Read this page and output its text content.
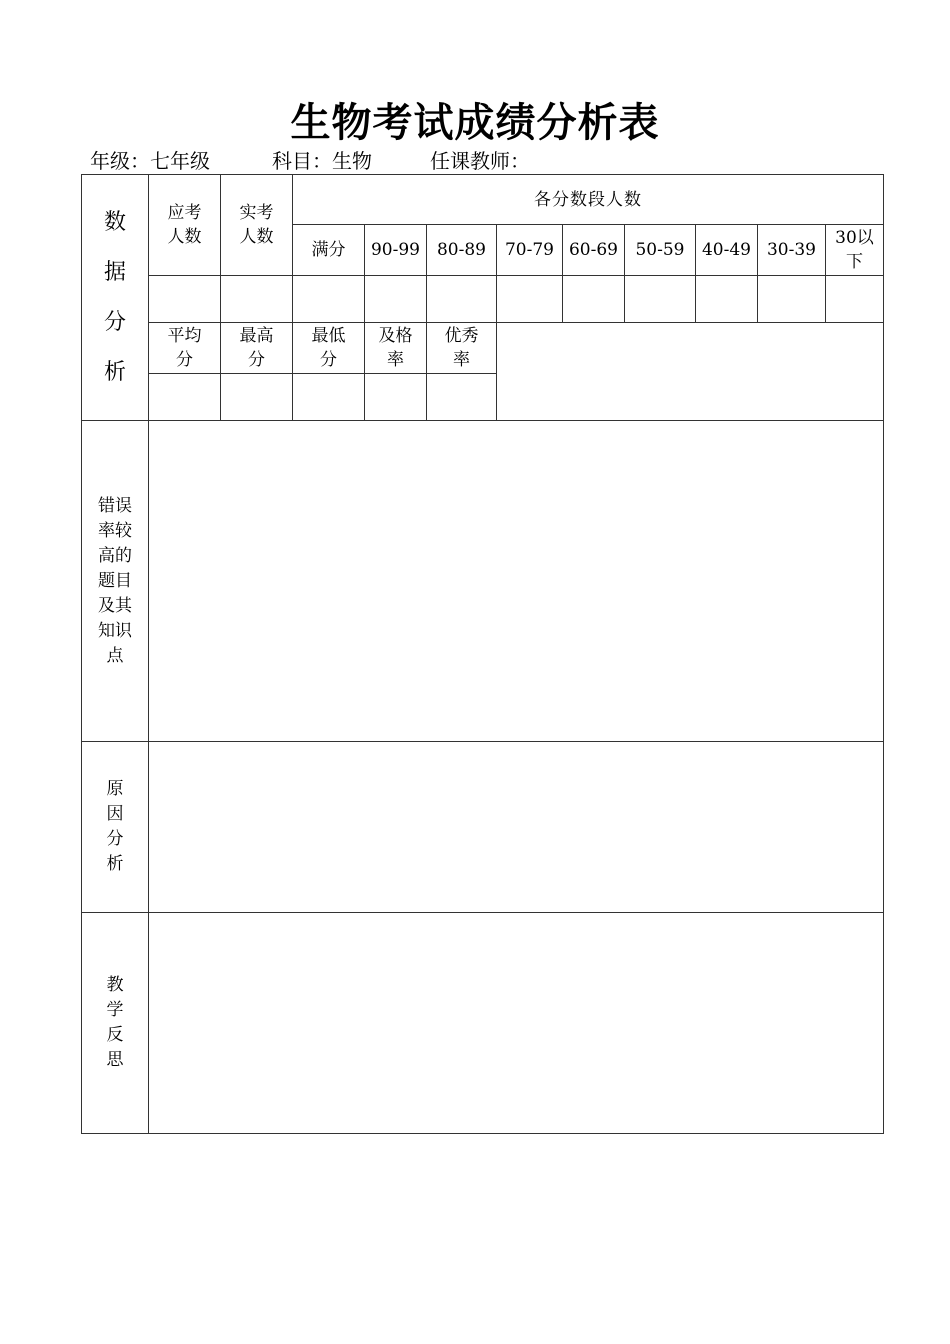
生物考试成绩分析表
年级：七年级	科目：生物	任课教师：
数据分析	应考人数	实考人数	各分数段人数								
			满分	90-99	80-89	70-79	60-69	50-59	40-49	30-39	30以下

	平均分	最高分	最低分	及格率	优秀率						

错误率较高的题目及其知识点											
原因分析											
教学反思											
